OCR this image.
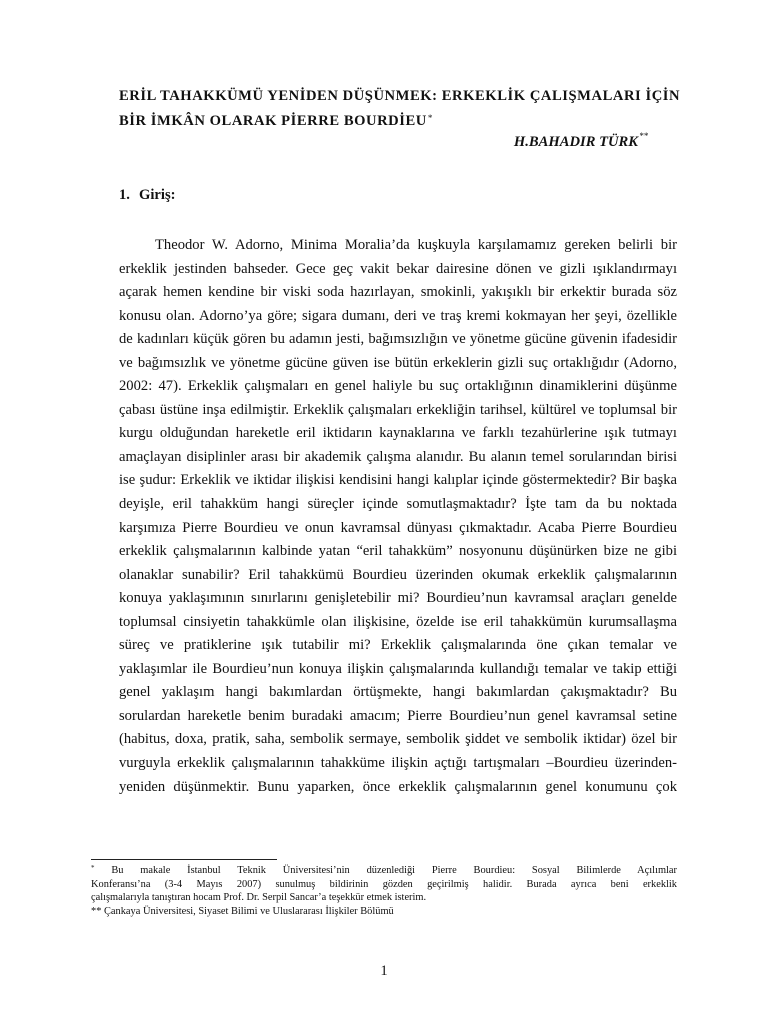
ERİL TAHAKKÜMÜ YENİDEN DÜŞÜNMEK: ERKEKLİK ÇALIŞMALARI İÇİN
BİR İMKÂN OLARAK PİERRE BOURDİEU*
H.BAHADIR TÜRK**
1. Giriş:
Theodor W. Adorno, Minima Moralia’da kuşkuyla karşılamamız gereken belirli bir
erkeklik jestinden bahseder. Gece geç vakit bekar dairesine dönen ve gizli ışıklandırmayı
açarak hemen kendine bir viski soda hazırlayan, smokinli, yakışıklı bir erkektir burada söz
konusu olan. Adorno’ya göre; sigara dumanı, deri ve traş kremi kokmayan her şeyi, özellikle
de kadınları küçük gören bu adamın jesti, bağımsızlığın ve yönetme gücüne güvenin ifadesidir
ve bağımsızlık ve yönetme gücüne güven ise bütün erkeklerin gizli suç ortaklığıdır (Adorno,
2002: 47). Erkeklik çalışmaları en genel haliyle bu suç ortaklığının dinamiklerini düşünme
çabası üstüne inşa edilmiştir. Erkeklik çalışmaları erkekliğin tarihsel, kültürel ve toplumsal bir
kurgu olduğundan hareketle eril iktidarın kaynaklarına ve farklı tezahürlerine ışık tutmayı
amaçlayan disiplinler arası bir akademik çalışma alanıdır. Bu alanın temel sorularından birisi
ise şudur: Erkeklik ve iktidar ilişkisi kendisini hangi kalıplar içinde göstermektedir? Bir başka
deyişle, eril tahakküm hangi süreçler içinde somutlaşmaktadır? İşte tam da bu noktada
karşımıza Pierre Bourdieu ve onun kavramsal dünyası çıkmaktadır. Acaba Pierre Bourdieu
erkeklik çalışmalarının kalbinde yatan “eril tahakküm” nosyonunu düşünürken bize ne gibi
olanaklar sunabilir? Eril tahakkümü Bourdieu üzerinden okumak erkeklik çalışmalarının
konuya yaklaşımının sınırlarını genişletebilir mi? Bourdieu’nun kavramsal araçları genelde
toplumsal cinsiyetin tahakkümle olan ilişkisine, özelde ise eril tahakkümün kurumsallaşma
süreç ve pratiklerine ışık tutabilir mi? Erkeklik çalışmalarında öne çıkan temalar ve
yaklaşımlar ile Bourdieu’nun konuya ilişkin çalışmalarında kullandığı temalar ve takip ettiği
genel yaklaşım hangi bakımlardan örtüşmekte, hangi bakımlardan çakışmaktadır? Bu
sorulardan hareketle benim buradaki amacım; Pierre Bourdieu’nun genel kavramsal setine
(habitus, doxa, pratik, saha, sembolik sermaye, sembolik şiddet ve sembolik iktidar) özel bir
vurguyla erkeklik çalışmalarının tahakküme ilişkin açtığı tartışmaları –Bourdieu üzerinden-
yeniden düşünmektir. Bunu yaparken, önce erkeklik çalışmalarının genel konumunu çok
* Bu makale İstanbul Teknik Üniversitesi’nin düzenlediği Pierre Bourdieu: Sosyal Bilimlerde Açılımlar
Konferansı’na (3-4 Mayıs 2007) sunulmuş bildirinin gözden geçirilmiş halidir. Burada ayrıca beni erkeklik
çalışmalarıyla tanıştıran hocam Prof. Dr. Serpil Sancar’a teşekkür etmek isterim.
** Çankaya Üniversitesi, Siyaset Bilimi ve Uluslararası İlişkiler Bölümü
1
